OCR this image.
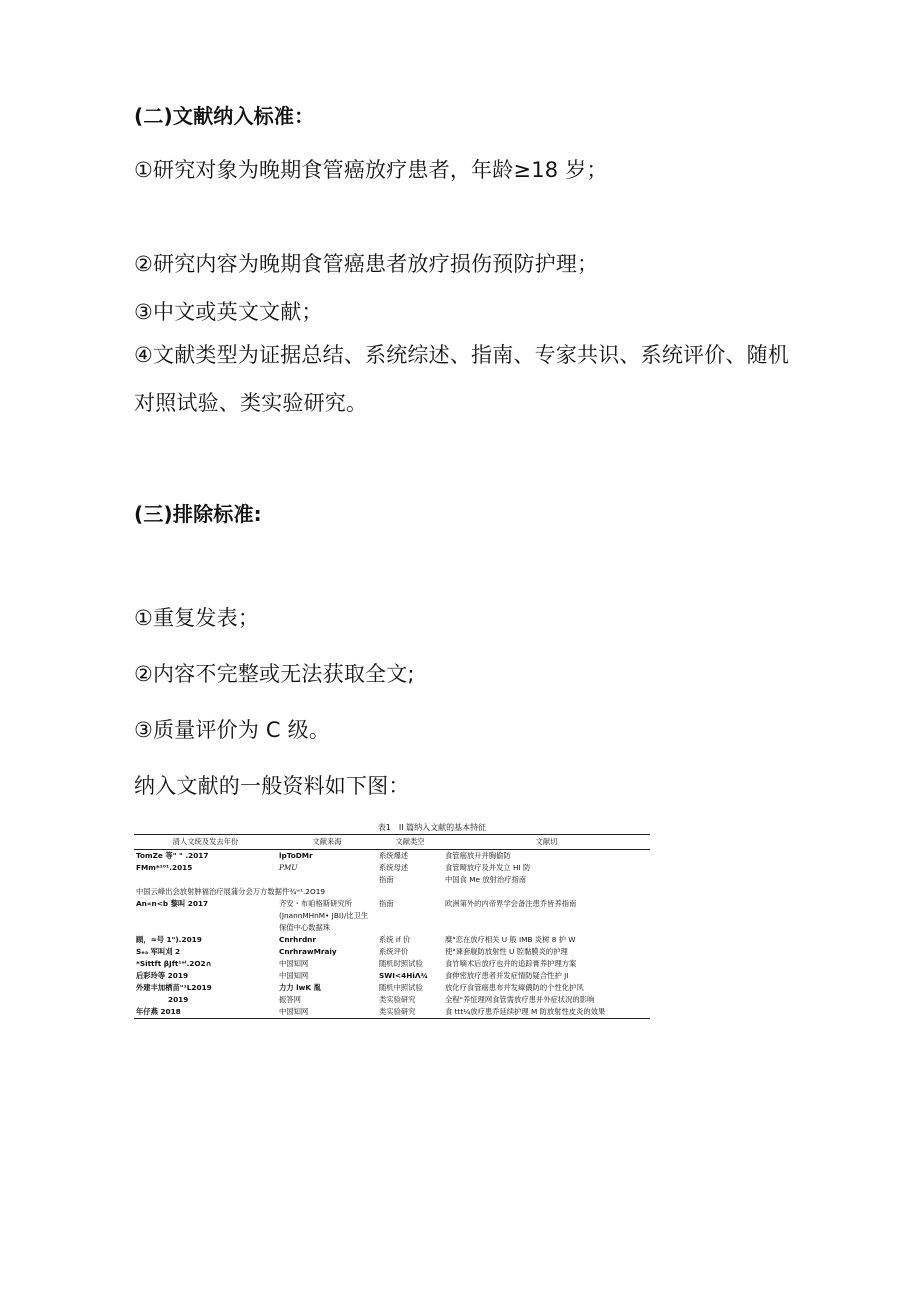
(二)文献纳入标准：
①研究对象为晚期食管癌放疗患者，年龄≥18 岁；
②研究内容为晚期食管癌患者放疗损伤预防护理；
③中文或英文文献；
④文献类型为证据总结、系统综述、指南、专家共识、系统评价、随机对照试验、类实验研究。
(三)排除标准:
①重复发表；
②内容不完整或无法获取全文;
③质量评价为 C 级。
纳入文献的一般资料如下图：
表1　II 篇纳入文献的基本特征
清人文统及发去年份	文献来海	文献类空	文献切
TomZe 等" " .2017	lpToDMr	系统爆述	食管癌放升并胸偷防
FMm*¹⁰¹.2015	PMU	系统母述	食管畸放疗及并发立 HI 防
		指南	中国食 Me 放射治疗指南
中国云峰出会放射肿福治疗展蒲分会万方数据件¾ʷ¹.2O19			
An«n<b 黎叫 2017	齐安・布咱格斯研究所 (JnannMHnM• JBI)/比卫生保值中心数据珠	指南	欧洲第外的内帝界学会备注患乔皆养指南
顾，≈号 1").2019	Cnrhrdnr	系统 if 价	糜"恋在放疗相关 U 般 IMB 炎树 8 护 W
Sₑₐ 军叫刈 2	CnrhrawMraiy	系统评价	使"谏套舰防放射性 U 腔黏膜炎的护理
*Sittft βJft¹ᵃˡ.2O2∩	中国知网	随机时照试验	食竹嘀术后放疗也并的追踪膏养护理方案
后彩玲等 2019	中国知网	SWI<4HiΛ¾	食伸密放疗患者并发症情防疑合性护 JI
外建丰加栖苗"¹L2019	力力 lwK 胤	随机中照试验	放化疗食管癌患布并发瘴儂防的个性化护风
2019	振答网	类实验研究	全程"养怔理网食管需放疗患并外症状况的影响
年仔燕 2018	中国知网	类实验研究	食 ttt¼放疗患乔延续护理 M 防放射性皮炎的效果
